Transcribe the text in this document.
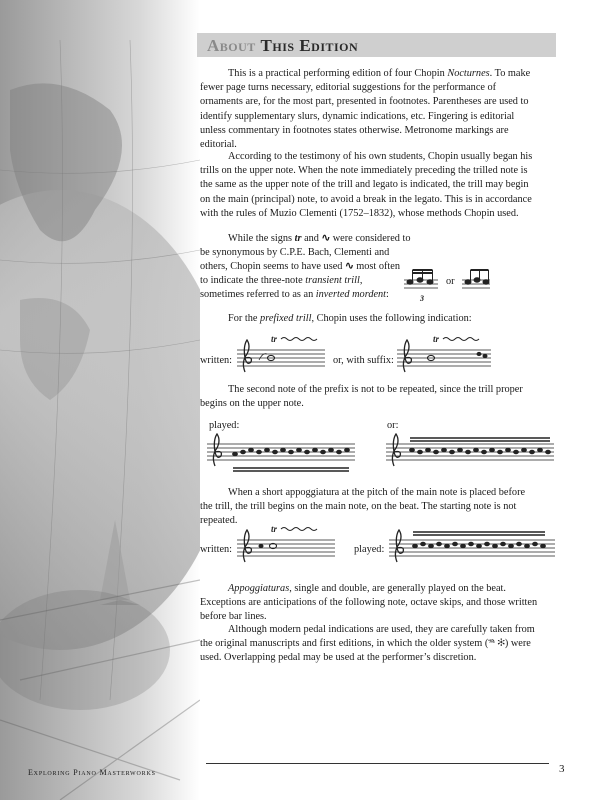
About This Edition
This is a practical performing edition of four Chopin Nocturnes. To make fewer page turns necessary, editorial suggestions for the performance of ornaments are, for the most part, presented in footnotes. Parentheses are used to identify supplementary slurs, dynamic indications, etc. Fingering is editorial unless commentary in footnotes states otherwise. Metronome markings are editorial.
According to the testimony of his own students, Chopin usually began his trills on the upper note. When the note immediately preceding the trilled note is the same as the upper note of the trill and legato is indicated, the trill may begin on the main (principal) note, to avoid a break in the legato. This is in accordance with the rules of Muzio Clementi (1752–1832), whose methods Chopin used.
While the signs tr and ∿ were considered to
be synonymous by C.P.E. Bach, Clementi and
others, Chopin seems to have used ∿ most often
to indicate the three-note transient trill,
sometimes referred to as an inverted mordent:	3
or
For the prefixed trill, Chopin uses the following indication:
written:
tr
or, with suffix:
tr
The second note of the prefix is not to be repeated, since the trill proper begins on the upper note.
played:	or:
When a short appoggiatura at the pitch of the main note is placed before the trill, the trill begins on the main note, on the beat. The starting note is not repeated.
written:
tr
played:
Appoggiaturas, single and double, are generally played on the beat. Exceptions are anticipations of the following note, octave skips, and those written before bar lines.
Although modern pedal indications are used, they are carefully taken from the original manuscripts and first editions, in which the older system (𝆮 ✻) were used. Overlapping pedal may be used at the performer’s discretion.
Exploring Piano Masterworks	3
